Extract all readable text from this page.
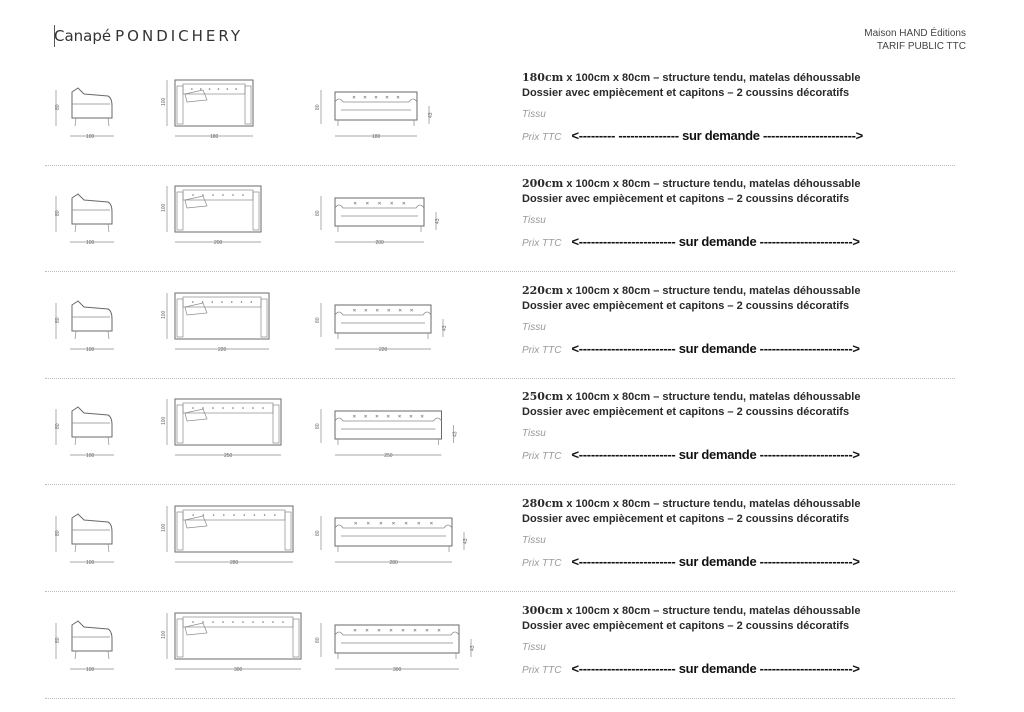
Canapé PONDICHERY	Maison HAND Éditions
TARIF PUBLIC TTC
80
100
100
180
80
43
180
180cm x 100cm x 80cm – structure tendu, matelas déhoussable
Dossier avec empiècement et capitons – 2 coussins décoratifs
Tissu
Prix TTC <--------- --------------- sur demande ----------------------->
80
100
100
200
80
43
200
200cm x 100cm x 80cm – structure tendu, matelas déhoussable
Dossier avec empiècement et capitons – 2 coussins décoratifs
Tissu
Prix TTC <------------------------ sur demande ----------------------->
80
100
100
220
80
43
220
220cm x 100cm x 80cm – structure tendu, matelas déhoussable
Dossier avec empiècement et capitons – 2 coussins décoratifs
Tissu
Prix TTC <------------------------ sur demande ----------------------->
80
100
100
250
80
43
250
250cm x 100cm x 80cm – structure tendu, matelas déhoussable
Dossier avec empiècement et capitons – 2 coussins décoratifs
Tissu
Prix TTC <------------------------ sur demande ----------------------->
80
100
100
280
80
43
280
280cm x 100cm x 80cm – structure tendu, matelas déhoussable
Dossier avec empiècement et capitons – 2 coussins décoratifs
Tissu
Prix TTC <------------------------ sur demande ----------------------->
80
100
100
300
80
43
300
300cm x 100cm x 80cm – structure tendu, matelas déhoussable
Dossier avec empiècement et capitons – 2 coussins décoratifs
Tissu
Prix TTC <------------------------ sur demande ----------------------->
